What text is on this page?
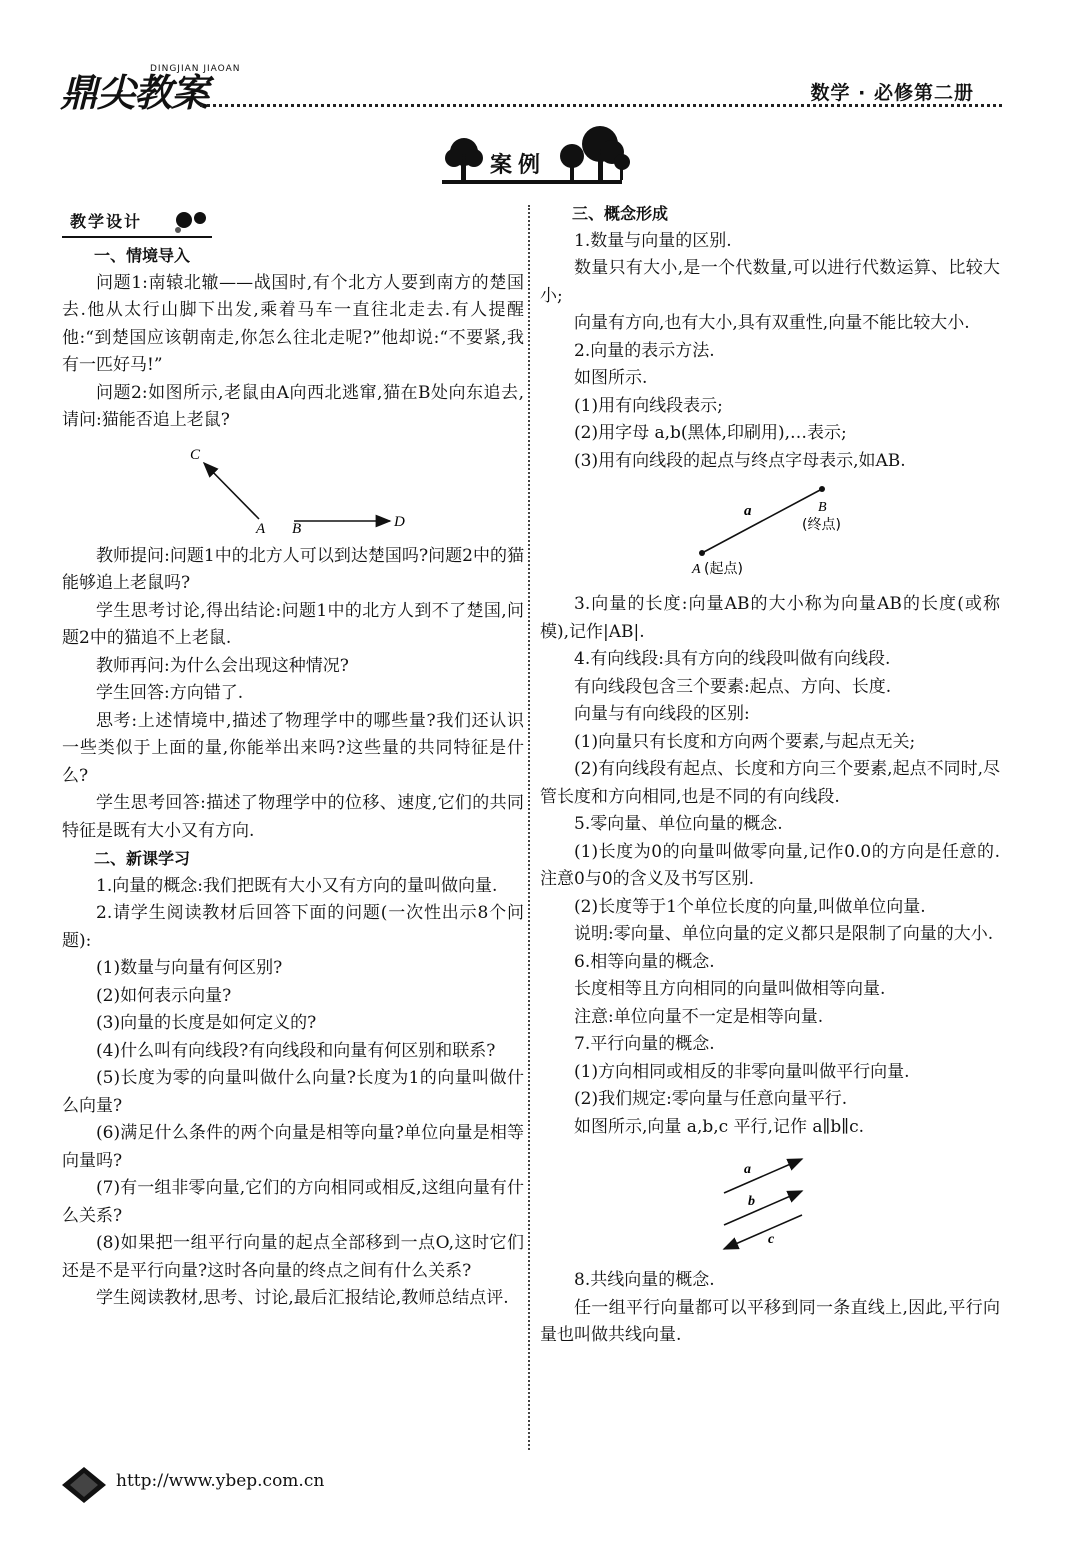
鼎尖教案
DINGJIAN JIAOAN
数学 · 必修第二册
案例
教学设计

一、情境导入

问题1:南辕北辙——战国时,有个北方人要到南方的楚国去.他从太行山脚下出发,乘着马车一直往北走去.有人提醒他:“到楚国应该朝南走,你怎么往北走呢?”他却说:“不要紧,我有一匹好马!”

问题2:如图所示,老鼠由A向西北逃窜,猫在B处向东追去,请问:猫能否追上老鼠?

C
A B	D

教师提问:问题1中的北方人可以到达楚国吗?问题2中的猫能够追上老鼠吗?

学生思考讨论,得出结论:问题1中的北方人到不了楚国,问题2中的猫追不上老鼠.

教师再问:为什么会出现这种情况?

学生回答:方向错了.

思考:上述情境中,描述了物理学中的哪些量?我们还认识一些类似于上面的量,你能举出来吗?这些量的共同特征是什么?

学生思考回答:描述了物理学中的位移、速度,它们的共同特征是既有大小又有方向.

二、新课学习

1.向量的概念:我们把既有大小又有方向的量叫做向量.

2.请学生阅读教材后回答下面的问题(一次性出示8个问题):

(1)数量与向量有何区别?

(2)如何表示向量?

(3)向量的长度是如何定义的?

(4)什么叫有向线段?有向线段和向量有何区别和联系?

(5)长度为零的向量叫做什么向量?长度为1的向量叫做什么向量?

(6)满足什么条件的两个向量是相等向量?单位向量是相等向量吗?

(7)有一组非零向量,它们的方向相同或相反,这组向量有什么关系?

(8)如果把一组平行向量的起点全部移到一点O,这时它们还是不是平行向量?这时各向量的终点之间有什么关系?

学生阅读教材,思考、讨论,最后汇报结论,教师总结点评.

三、概念形成

1.数量与向量的区别.

数量只有大小,是一个代数量,可以进行代数运算、比较大小;

向量有方向,也有大小,具有双重性,向量不能比较大小.

2.向量的表示方法.

如图所示.

(1)用有向线段表示;

(2)用字母 a,b(黑体,印刷用),…表示;

(3)用有向线段的起点与终点字母表示,如AB.

a	B
(终点)
A (起点)

3.向量的长度:向量AB的大小称为向量AB的长度(或称模),记作|AB|.

4.有向线段:具有方向的线段叫做有向线段.

有向线段包含三个要素:起点、方向、长度.

向量与有向线段的区别:

(1)向量只有长度和方向两个要素,与起点无关;

(2)有向线段有起点、长度和方向三个要素,起点不同时,尽管长度和方向相同,也是不同的有向线段.

5.零向量、单位向量的概念.

(1)长度为0的向量叫做零向量,记作0.0的方向是任意的.注意0与0的含义及书写区别.

(2)长度等于1个单位长度的向量,叫做单位向量.

说明:零向量、单位向量的定义都只是限制了向量的大小.

6.相等向量的概念.

长度相等且方向相同的向量叫做相等向量.

注意:单位向量不一定是相等向量.

7.平行向量的概念.

(1)方向相同或相反的非零向量叫做平行向量.

(2)我们规定:零向量与任意向量平行.

如图所示,向量 a,b,c 平行,记作 a∥b∥c.

a
b
c

8.共线向量的概念.

任一组平行向量都可以平移到同一条直线上,因此,平行向量也叫做共线向量.

http://www.ybep.com.cn
